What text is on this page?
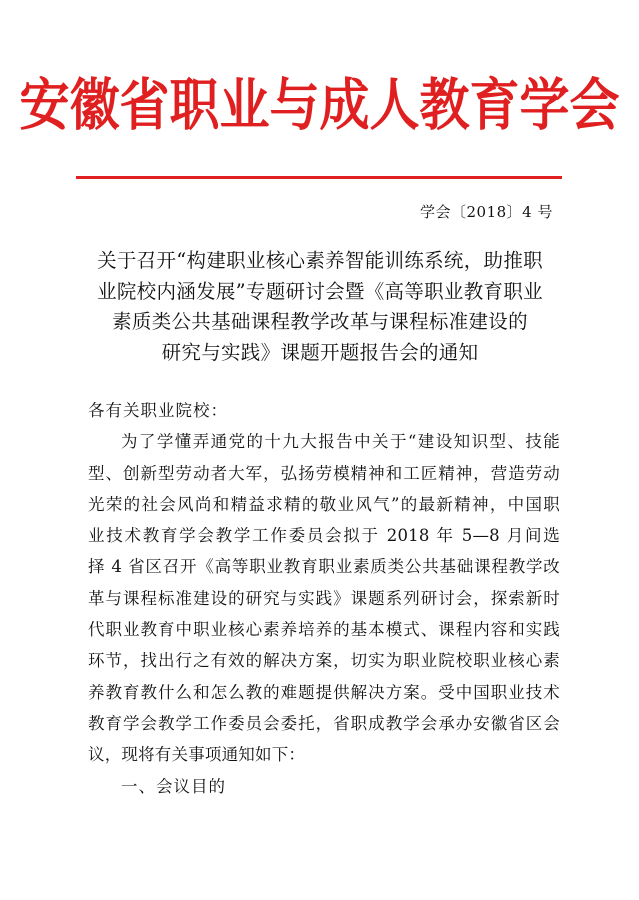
安徽省职业与成人教育学会
学会〔2018〕4 号
关于召开“构建职业核心素养智能训练系统，助推职
业院校内涵发展”专题研讨会暨《高等职业教育职业
素质类公共基础课程教学改革与课程标准建设的
研究与实践》课题开题报告会的通知
各有关职业院校：
为了学懂弄通党的十九大报告中关于“建设知识型、技能
型、创新型劳动者大军，弘扬劳模精神和工匠精神，营造劳动
光荣的社会风尚和精益求精的敬业风气”的最新精神，中国职
业技术教育学会教学工作委员会拟于 2018 年 5—8 月间选
择 4 省区召开《高等职业教育职业素质类公共基础课程教学改
革与课程标准建设的研究与实践》课题系列研讨会，探索新时
代职业教育中职业核心素养培养的基本模式、课程内容和实践
环节，找出行之有效的解决方案，切实为职业院校职业核心素
养教育教什么和怎么教的难题提供解决方案。受中国职业技术
教育学会教学工作委员会委托，省职成教学会承办安徽省区会
议，现将有关事项通知如下：
一、会议目的
